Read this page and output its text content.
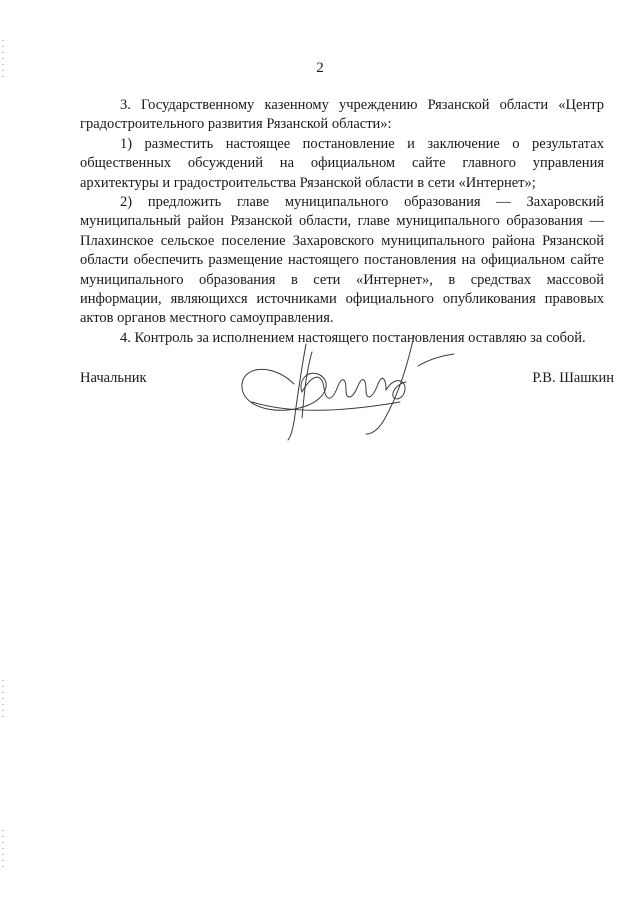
2

3. Государственному казенному учреждению Рязанской области «Центр градостроительного развития Рязанской области»:

1) разместить настоящее постановление и заключение о результатах общественных обсуждений на официальном сайте главного управления архитектуры и градостроительства Рязанской области в сети «Интернет»;

2) предложить главе муниципального образования — Захаровский муниципальный район Рязанской области, главе муниципального образования — Плахинское сельское поселение Захаровского муниципального района Рязанской области обеспечить размещение настоящего постановления на официальном сайте муниципального образования в сети «Интернет», в средствах массовой информации, являющихся источниками официального опубликования правовых актов органов местного самоуправления.

4. Контроль за исполнением настоящего постановления оставляю за собой.

Начальник	Р.В. Шашкин
